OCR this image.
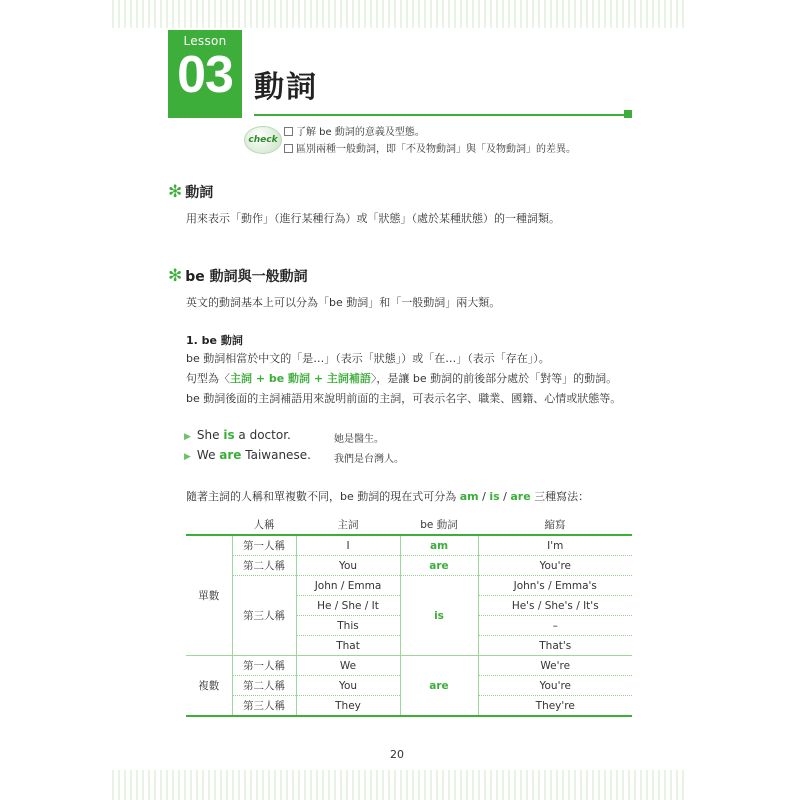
Lesson
03 動詞
check
了解 be 動詞的意義及型態。
區別兩種一般動詞，即「不及物動詞」與「及物動詞」的差異。
✻ 動詞
用來表示「動作」（進行某種行為）或「狀態」（處於某種狀態）的一種詞類。
✻ be 動詞與一般動詞
英文的動詞基本上可以分為「be 動詞」和「一般動詞」兩大類。
1. be 動詞
be 動詞相當於中文的「是…」（表示「狀態」）或「在…」（表示「存在」）。
句型為〈主詞 + be 動詞 + 主詞補語〉，是讓 be 動詞的前後部分處於「對等」的動詞。
be 動詞後面的主詞補語用來說明前面的主詞，可表示名字、職業、國籍、心情或狀態等。
▶ She is a doctor.	她是醫生。
▶ We are Taiwanese. 我們是台灣人。
隨著主詞的人稱和單複數不同，be 動詞的現在式可分為 am / is / are 三種寫法：
	人稱	主詞	be 動詞	縮寫
單數	第一人稱	I	am	I'm
	第二人稱	You	are	You're
	第三人稱	John / Emma	is	John's / Emma's
		He / She / It		He's / She's / It's
		This		–
		That		That's
複數	第一人稱	We	are	We're
	第二人稱	You		You're
	第三人稱	They		They're
20
